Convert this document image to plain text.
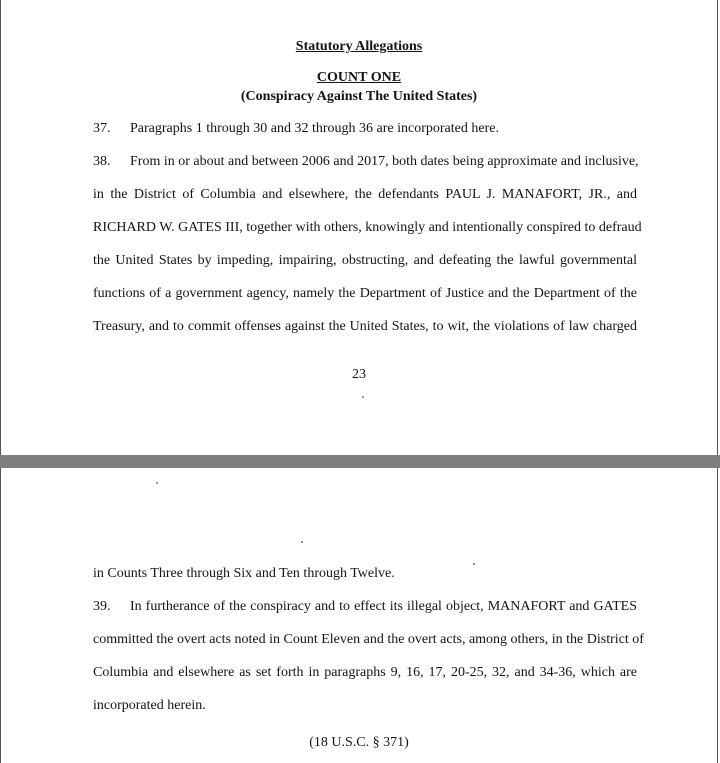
Statutory Allegations
COUNT ONE
(Conspiracy Against The United States)
37. Paragraphs 1 through 30 and 32 through 36 are incorporated here.
38. From in or about and between 2006 and 2017, both dates being approximate and inclusive,
in the District of Columbia and elsewhere, the defendants PAUL J. MANAFORT, JR., and
RICHARD W. GATES III, together with others, knowingly and intentionally conspired to defraud
the United States by impeding, impairing, obstructing, and defeating the lawful governmental
functions of a government agency, namely the Department of Justice and the Department of the
Treasury, and to commit offenses against the United States, to wit, the violations of law charged
23
in Counts Three through Six and Ten through Twelve.
39. In furtherance of the conspiracy and to effect its illegal object, MANAFORT and GATES
committed the overt acts noted in Count Eleven and the overt acts, among others, in the District of
Columbia and elsewhere as set forth in paragraphs 9, 16, 17, 20-25, 32, and 34-36, which are
incorporated herein.
(18 U.S.C. § 371)
